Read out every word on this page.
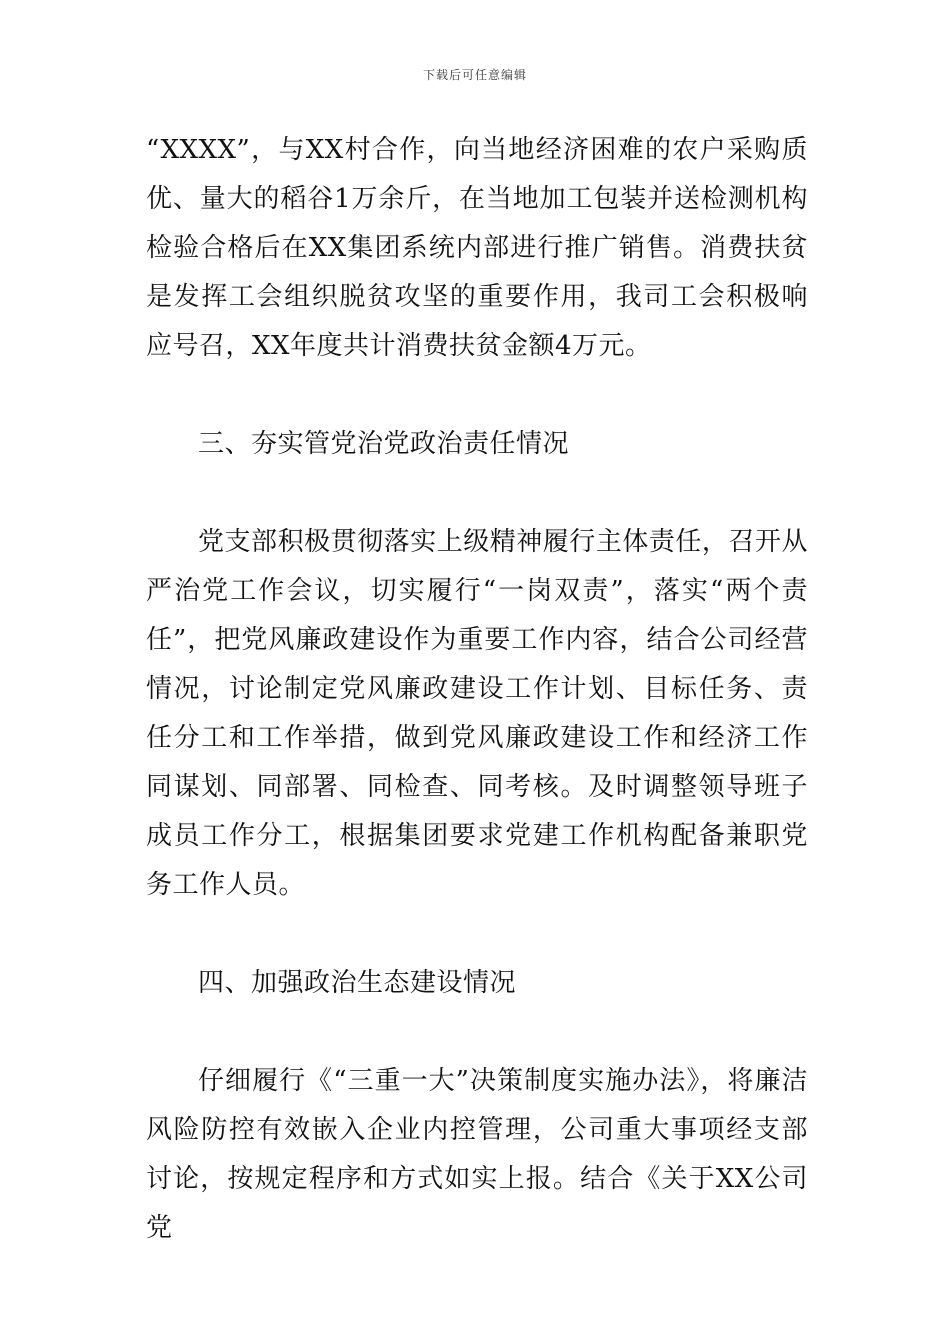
下载后可任意编辑

“XXXX”，与XX村合作，向当地经济困难的农户采购质优、量大的稻谷1万余斤，在当地加工包装并送检测机构检验合格后在XX集团系统内部进行推广销售。消费扶贫是发挥工会组织脱贫攻坚的重要作用，我司工会积极响应号召，XX年度共计消费扶贫金额4万元。

三、夯实管党治党政治责任情况

党支部积极贯彻落实上级精神履行主体责任，召开从严治党工作会议，切实履行“一岗双责”，落实“两个责任”，把党风廉政建设作为重要工作内容，结合公司经营情况，讨论制定党风廉政建设工作计划、目标任务、责任分工和工作举措，做到党风廉政建设工作和经济工作同谋划、同部署、同检查、同考核。及时调整领导班子成员工作分工，根据集团要求党建工作机构配备兼职党务工作人员。

四、加强政治生态建设情况

仔细履行《“三重一大”决策制度实施办法》，将廉洁风险防控有效嵌入企业内控管理，公司重大事项经支部讨论，按规定程序和方式如实上报。结合《关于XX公司党
